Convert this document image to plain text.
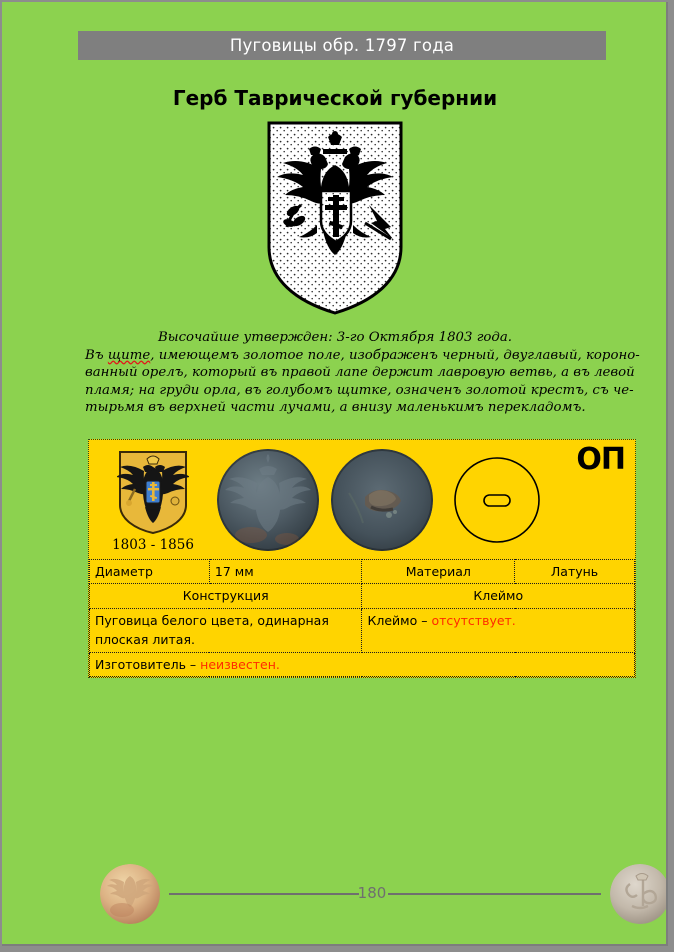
Пуговицы обр. 1797 года
Герб Таврической губернии
Высочайше утвержден: 3-го Октября 1803 года.
Въ щите, имеющемъ золотое поле, изображенъ черный, двуглавый, короно-
ванный орелъ, который въ правой лапе держит лавровую ветвь, а въ левой
пламя; на груди орла, въ голубомъ щитке, означенъ золотой крестъ, съ че-
тырьмя въ верхней части лучами, а внизу маленькимъ перекладомъ.
1803 - 1856
ОП
Диаметр	17 мм	Материал	Латунь
Конструкция		Клеймо	
Пуговица белого цвета, одинарная плоская литая.		Клеймо – отсутствует.	
Изготовитель – неизвестен.			
180
